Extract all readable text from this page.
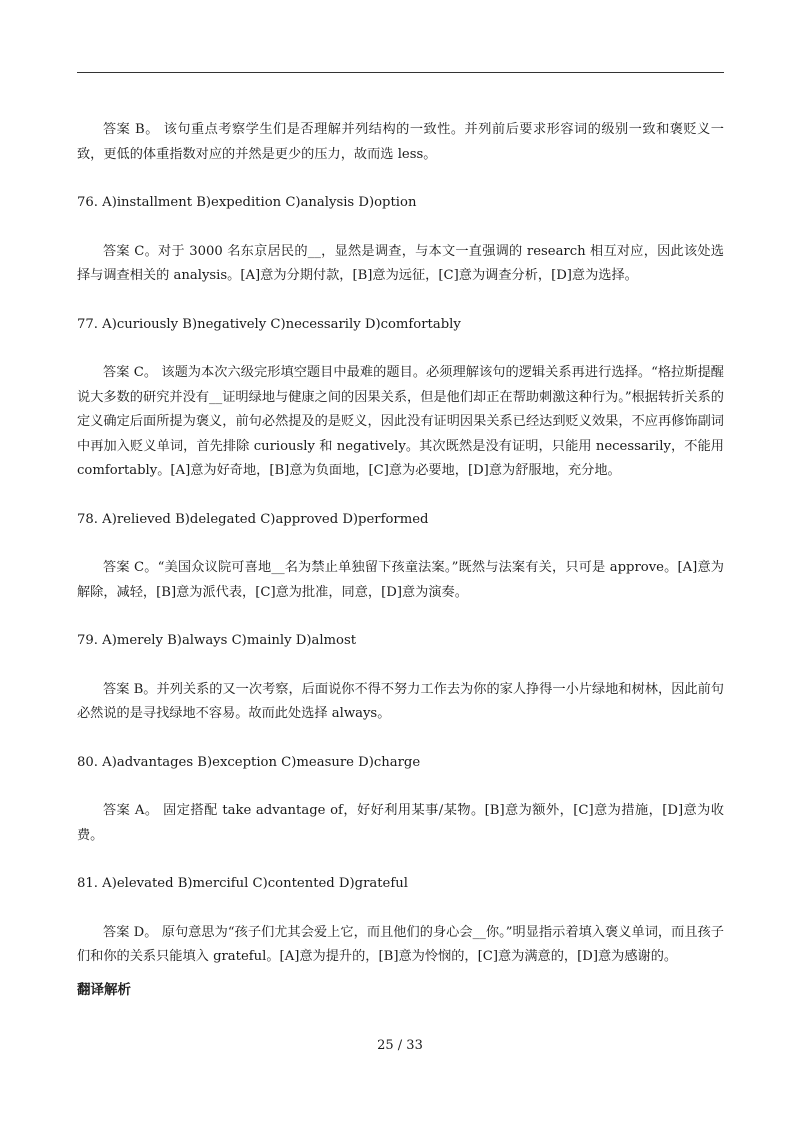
答案 B。 该句重点考察学生们是否理解并列结构的一致性。并列前后要求形容词的级别一致和褒贬义一致，更低的体重指数对应的并然是更少的压力，故而选 less。

76. A)installment B)expedition C)analysis D)option

答案 C。对于 3000 名东京居民的__，显然是调查，与本文一直强调的 research 相互对应，因此该处选择与调查相关的 analysis。[A]意为分期付款，[B]意为远征，[C]意为调查分析，[D]意为选择。

77. A)curiously B)negatively C)necessarily D)comfortably

答案 C。 该题为本次六级完形填空题目中最难的题目。必须理解该句的逻辑关系再进行选择。“格拉斯提醒说大多数的研究并没有__证明绿地与健康之间的因果关系，但是他们却正在帮助刺激这种行为。”根据转折关系的定义确定后面所提为褒义，前句必然提及的是贬义，因此没有证明因果关系已经达到贬义效果，不应再修饰副词中再加入贬义单词，首先排除 curiously 和 negatively。其次既然是没有证明，只能用 necessarily，不能用 comfortably。[A]意为好奇地，[B]意为负面地，[C]意为必要地，[D]意为舒服地，充分地。

78. A)relieved B)delegated C)approved D)performed

答案 C。“美国众议院可喜地__名为禁止单独留下孩童法案。”既然与法案有关，只可是 approve。[A]意为解除，减轻，[B]意为派代表，[C]意为批准，同意，[D]意为演奏。

79. A)merely B)always C)mainly D)almost

答案 B。并列关系的又一次考察，后面说你不得不努力工作去为你的家人挣得一小片绿地和树林，因此前句必然说的是寻找绿地不容易。故而此处选择 always。

80. A)advantages B)exception C)measure D)charge

答案 A。 固定搭配 take advantage of，好好利用某事/某物。[B]意为额外，[C]意为措施，[D]意为收费。

81. A)elevated B)merciful C)contented D)grateful

答案 D。 原句意思为“孩子们尤其会爱上它，而且他们的身心会__你。”明显指示着填入褒义单词，而且孩子们和你的关系只能填入 grateful。[A]意为提升的，[B]意为怜悯的，[C]意为满意的，[D]意为感谢的。

翻译解析

25 / 33
